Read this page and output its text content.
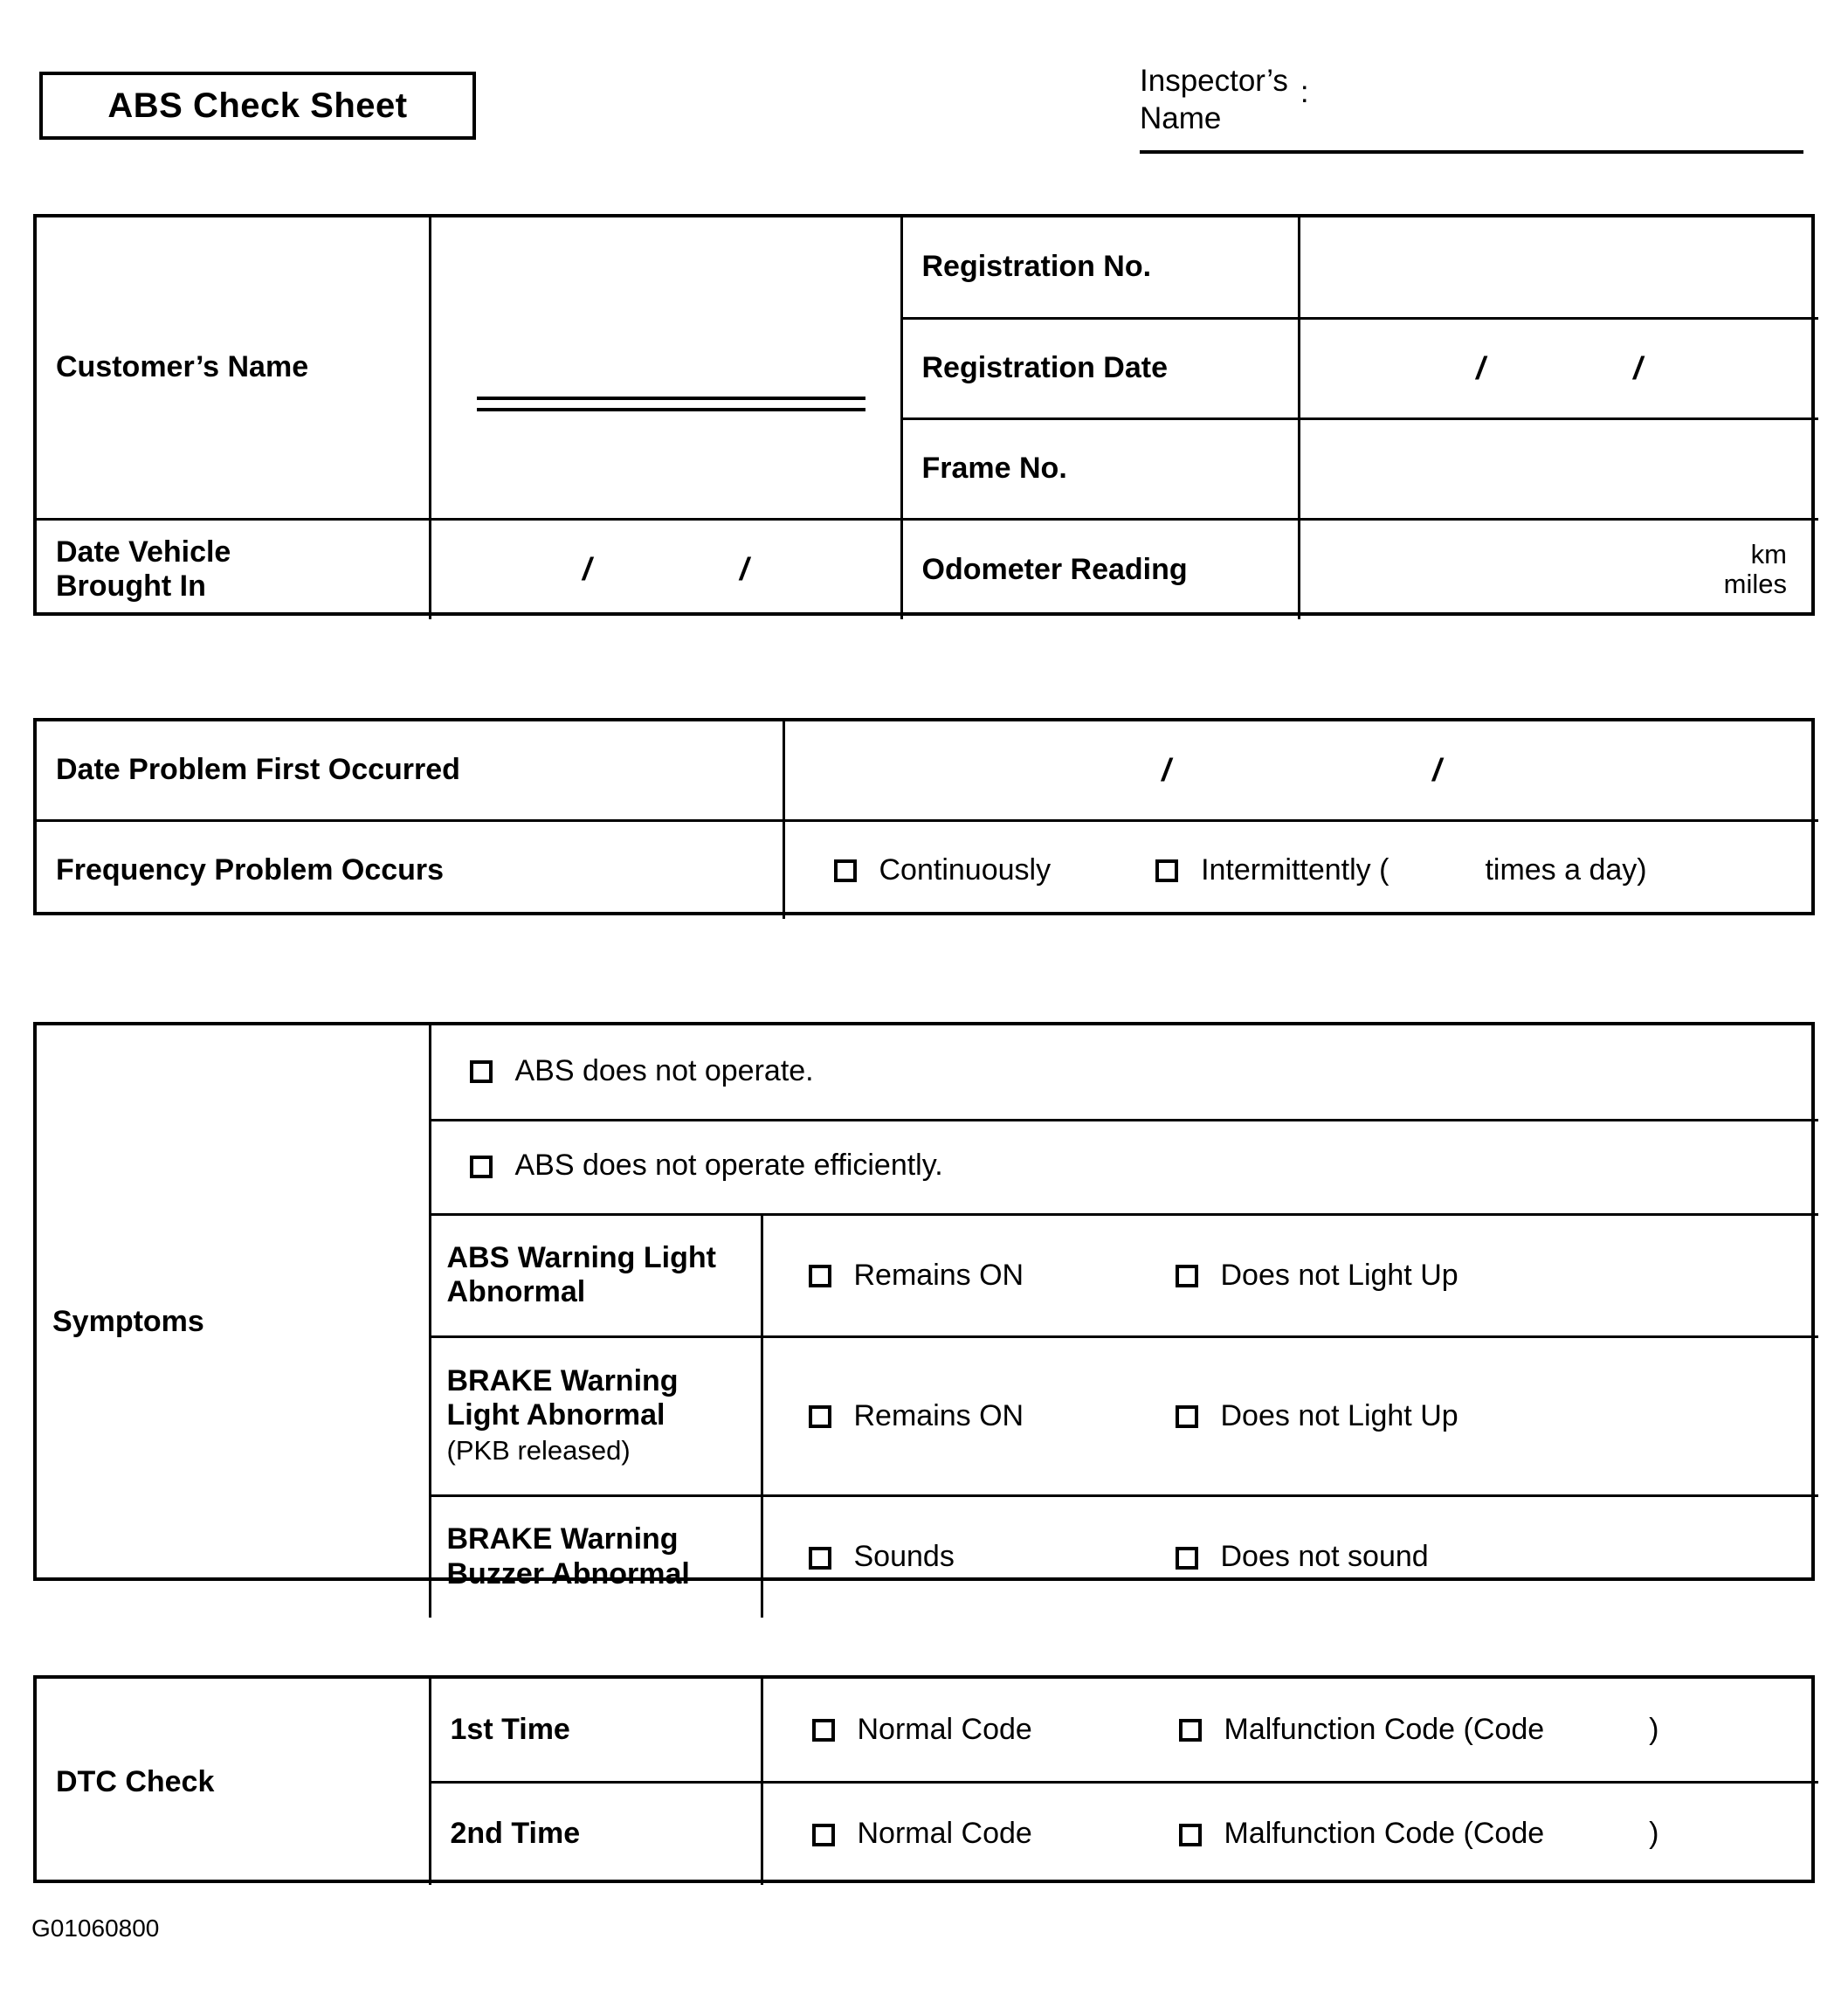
ABS Check Sheet
Inspector’s
Name:
Customer’s Name		Registration No.	
		Registration Date	/ /

		Frame No.	
Date Vehicle
Brought In	/	/	Odometer Reading	km
miles
Date Problem First Occurred	/ /

Frequency Problem Occurs	Continuously Intermittently ( times a day)
Symptoms	ABS does not operate.	

	ABS does not operate efficiently.	

	ABS Warning Light
Abnormal	Remains ON Does not Light Up

	BRAKE Warning
Light Abnormal
(PKB released)	Remains ON Does not Light Up

	BRAKE Warning
Buzzer Abnormal	Sounds Does not sound
DTC Check	1st Time	Normal Code Malfunction Code (Code )

	2nd Time	Normal Code Malfunction Code (Code )
G01060800
